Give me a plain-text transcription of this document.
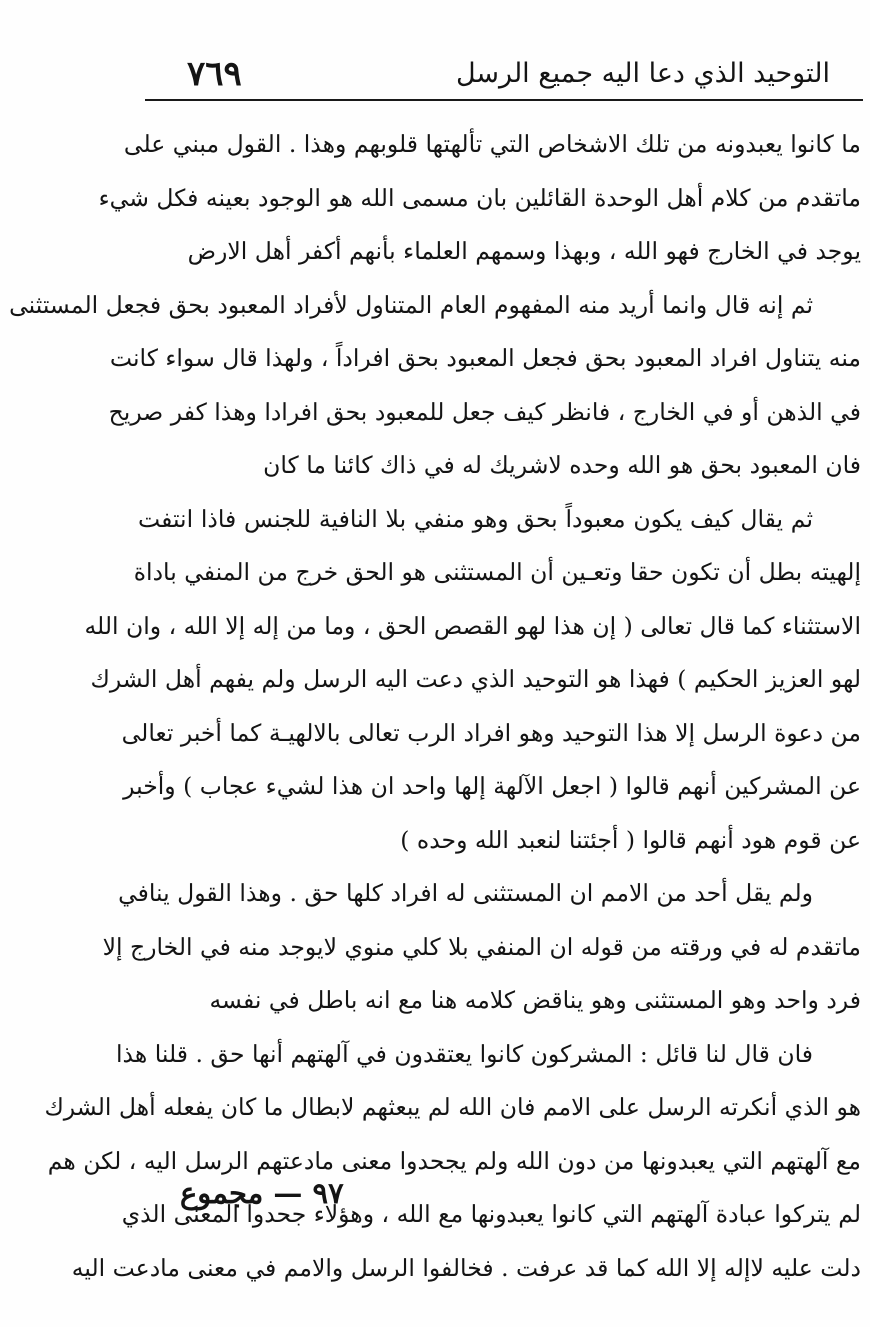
٧٦٩	التوحيد الذي دعا اليه جميع الرسل
ما كانوا يعبدونه من تلك الاشخاص التي تألهتها قلوبهم وهذا . القول مبني على
ماتقدم من كلام أهل الوحدة القائلين بان مسمى الله هو الوجود بعينه فكل شيء
يوجد في الخارج فهو الله ، وبهذا وسمهم العلماء بأنهم أكفر أهل الارض
ثم إنه قال وانما أريد منه المفهوم العام المتناول لأفراد المعبود بحق فجعل المستثنى
منه يتناول افراد المعبود بحق فجعل المعبود بحق افراداً ، ولهذا قال سواء كانت
في الذهن أو في الخارج ، فانظر كيف جعل للمعبود بحق افرادا وهذا كفر صريح
فان المعبود بحق هو الله وحده لاشريك له في ذاك كائنا ما كان
ثم يقال كيف يكون معبوداً بحق وهو منفي بلا النافية للجنس فاذا انتفت
إلهيته بطل أن تكون حقا وتعـين أن المستثنى هو الحق خرج من المنفي باداة
الاستثناء كما قال تعالى ( إن هذا لهو القصص الحق ، وما من إله إلا الله ، وان الله
لهو العزيز الحكيم ) فهذا هو التوحيد الذي دعت اليه الرسل ولم يفهم أهل الشرك
من دعوة الرسل إلا هذا التوحيد وهو افراد الرب تعالى بالالهيـة كما أخبر تعالى
عن المشركين أنهم قالوا ( اجعل الآلهة إلها واحد ان هذا لشيء عجاب ) وأخبر
عن قوم هود أنهم قالوا ( أجئتنا لنعبد الله وحده )
ولم يقل أحد من الامم ان المستثنى له افراد كلها حق . وهذا القول ينافي
ماتقدم له في ورقته من قوله ان المنفي بلا كلي منوي لايوجد منه في الخارج إلا
فرد واحد وهو المستثنى وهو يناقض كلامه هنا مع انه باطل في نفسه
فان قال لنا قائل : المشركون كانوا يعتقدون في آلهتهم أنها حق . قلنا هذا
هو الذي أنكرته الرسل على الامم فان الله لم يبعثهم لابطال ما كان يفعله أهل الشرك
مع آلهتهم التي يعبدونها من دون الله ولم يجحدوا معنى مادعتهم الرسل اليه ، لكن هم
لم يتركوا عبادة آلهتهم التي كانوا يعبدونها مع الله ، وهؤلاء جحدوا المعنى الذي
دلت عليه لاإله إلا الله كما قد عرفت . فخالفوا الرسل والامم في معنى مادعت اليه
٩٧ — مجموع
